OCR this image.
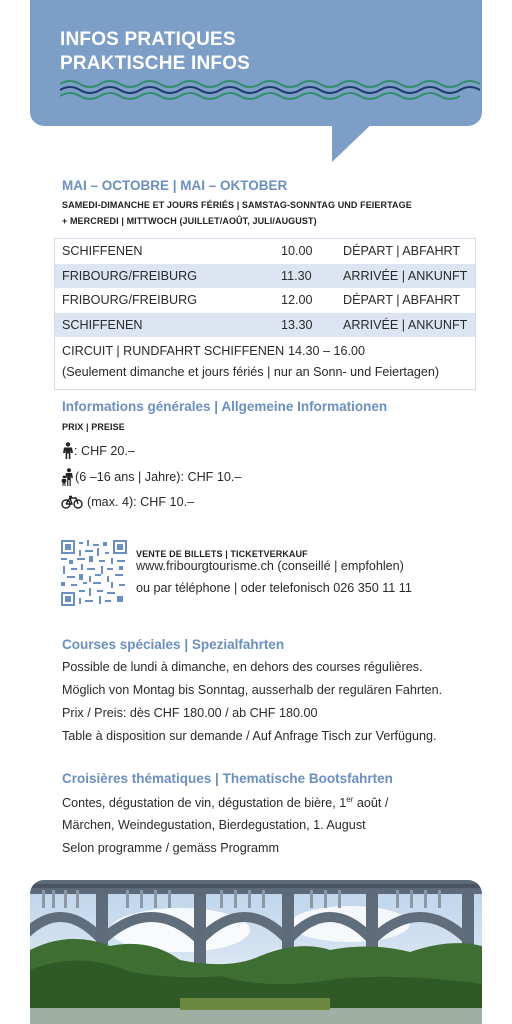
INFOS PRATIQUES
PRAKTISCHE INFOS
MAI – OCTOBRE | MAI – OKTOBER
SAMEDI-DIMANCHE ET JOURS FÉRIÉS | SAMSTAG-SONNTAG UND FEIERTAGE
+ MERCREDI | MITTWOCH (JUILLET/AOÛT, JULI/AUGUST)
SCHIFFENEN	10.00	DÉPART | ABFAHRT
FRIBOURG/FREIBURG	11.30	ARRIVÉE | ANKUNFT
FRIBOURG/FREIBURG	12.00	DÉPART | ABFAHRT
SCHIFFENEN	13.30	ARRIVÉE | ANKUNFT
CIRCUIT | RUNDFAHRT SCHIFFENEN 14.30 – 16.00
(Seulement dimanche et jours fériés | nur an Sonn- und Feiertagen)
Informations générales | Allgemeine Informationen
PRIX | PREISE
: CHF 20.–
(6 –16 ans | Jahre): CHF 10.–
(max. 4): CHF 10.–
VENTE DE BILLETS | TICKETVERKAUF
www.fribourgtourisme.ch (conseillé | empfohlen)
ou par téléphone | oder telefonisch 026 350 11 11
Courses spéciales | Spezialfahrten
Possible de lundi à dimanche, en dehors des courses régulières.
Möglich von Montag bis Sonntag, ausserhalb der regulären Fahrten.
Prix / Preis: dès CHF 180.00 / ab CHF 180.00
Table à disposition sur demande / Auf Anfrage Tisch zur Verfügung.
Croisières thématiques | Thematische Bootsfahrten
Contes, dégustation de vin, dégustation de bière, 1er août /
Märchen, Weindegustation, Bierdegustation, 1. August
Selon programme / gemäss Programm
